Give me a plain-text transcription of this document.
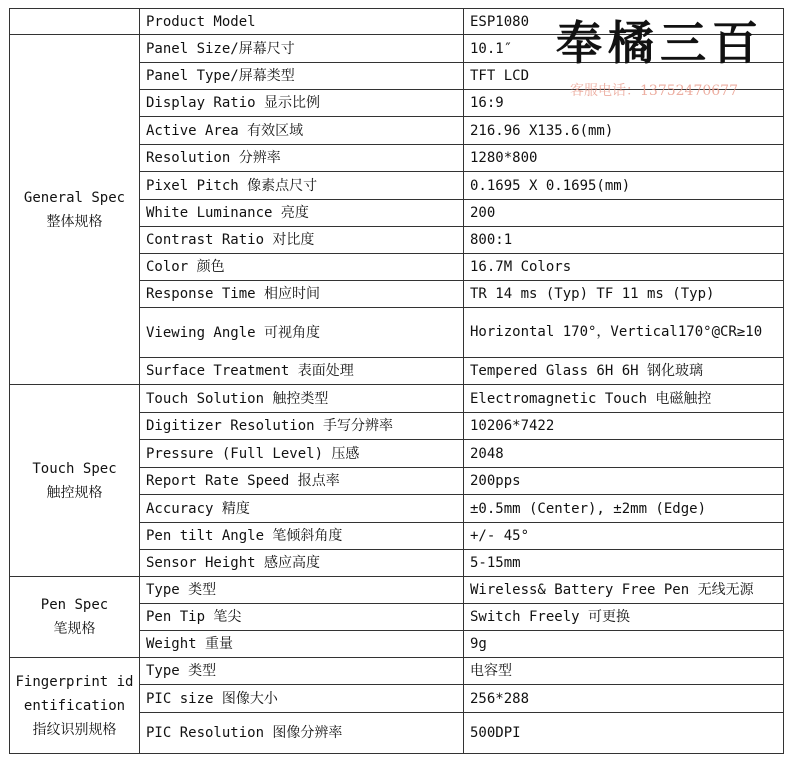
	Product Model	ESP1080

General Spec
整体规格	Panel Size/屏幕尺寸	10.1″
	Panel Type/屏幕类型	TFT LCD
	Display Ratio 显示比例	16:9
	Active Area 有效区域	216.96 X135.6(mm)
	Resolution 分辨率	1280*800
	Pixel Pitch 像素点尺寸	0.1695 X 0.1695(mm)
	White Luminance 亮度	200
	Contrast Ratio 对比度	800:1
	Color 颜色	16.7M Colors
	Response Time 相应时间	TR 14 ms (Typ) TF 11 ms (Typ)
	Viewing Angle 可视角度	Horizontal 170°，Vertical170°@CR≥10
	Surface Treatment 表面处理	Tempered Glass 6H 6H 钢化玻璃

Touch Spec
触控规格	Touch Solution 触控类型	Electromagnetic Touch 电磁触控
	Digitizer Resolution 手写分辨率	10206*7422
	Pressure (Full Level) 压感	2048
	Report Rate Speed 报点率	200pps
	Accuracy 精度	±0.5mm (Center), ±2mm (Edge)
	Pen tilt Angle 笔倾斜角度	+/- 45°
	Sensor Height 感应高度	5-15mm

Pen Spec
笔规格	Type 类型	Wireless& Battery Free Pen 无线无源
	Pen Tip 笔尖	Switch Freely 可更换
	Weight 重量	9g

Fingerprint identification
指纹识别规格	Type 类型	电容型
	PIC size 图像大小	256*288
	PIC Resolution 图像分辨率	500DPI
奉橘三百
客服电话：13752470677
